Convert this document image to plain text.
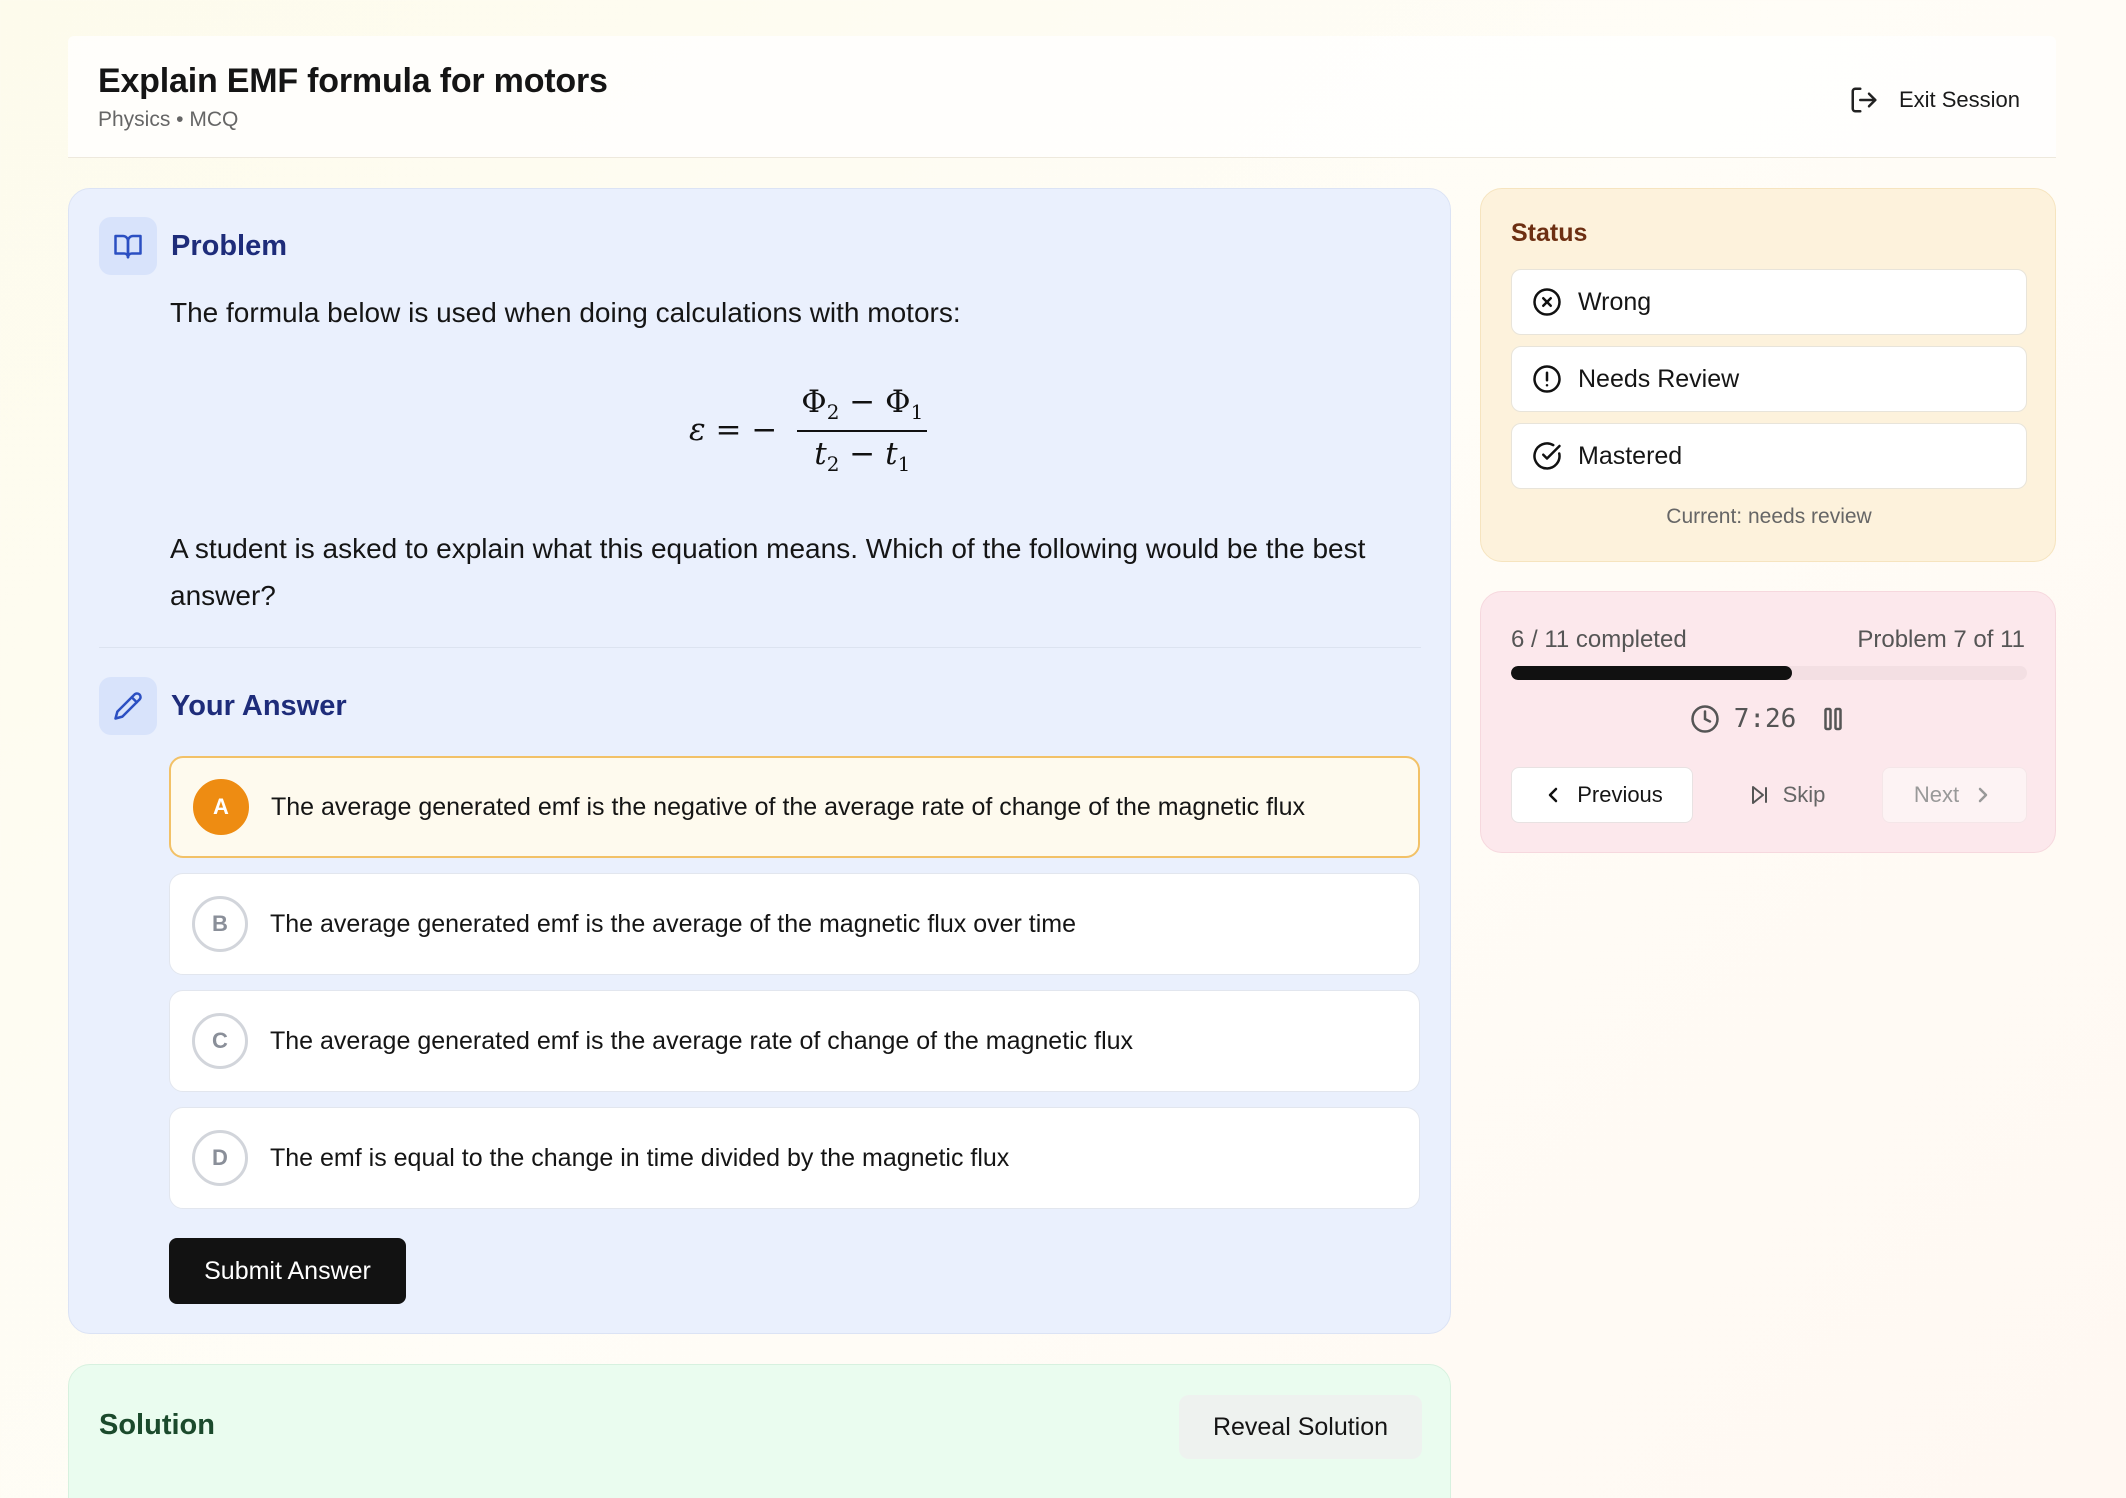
Explain EMF formula for motors
Physics • MCQ
Exit Session
Problem
The formula below is used when doing calculations with motors:
ε = − $\frac{\Phi_2 - \Phi_1}{t_2 - t_1}$
A student is asked to explain what this equation means. Which of the following would be the best answer?
Your Answer
A	The average generated emf is the negative of the average rate of change of the magnetic flux
B	The average generated emf is the average of the magnetic flux over time
C	The average generated emf is the average rate of change of the magnetic flux
D	The emf is equal to the change in time divided by the magnetic flux
Submit Answer
Solution	Reveal Solution
Status
Wrong
Needs Review
Mastered
Current: needs review
6 / 11 completed	Problem 7 of 11
7:26
Previous	Skip	Next
